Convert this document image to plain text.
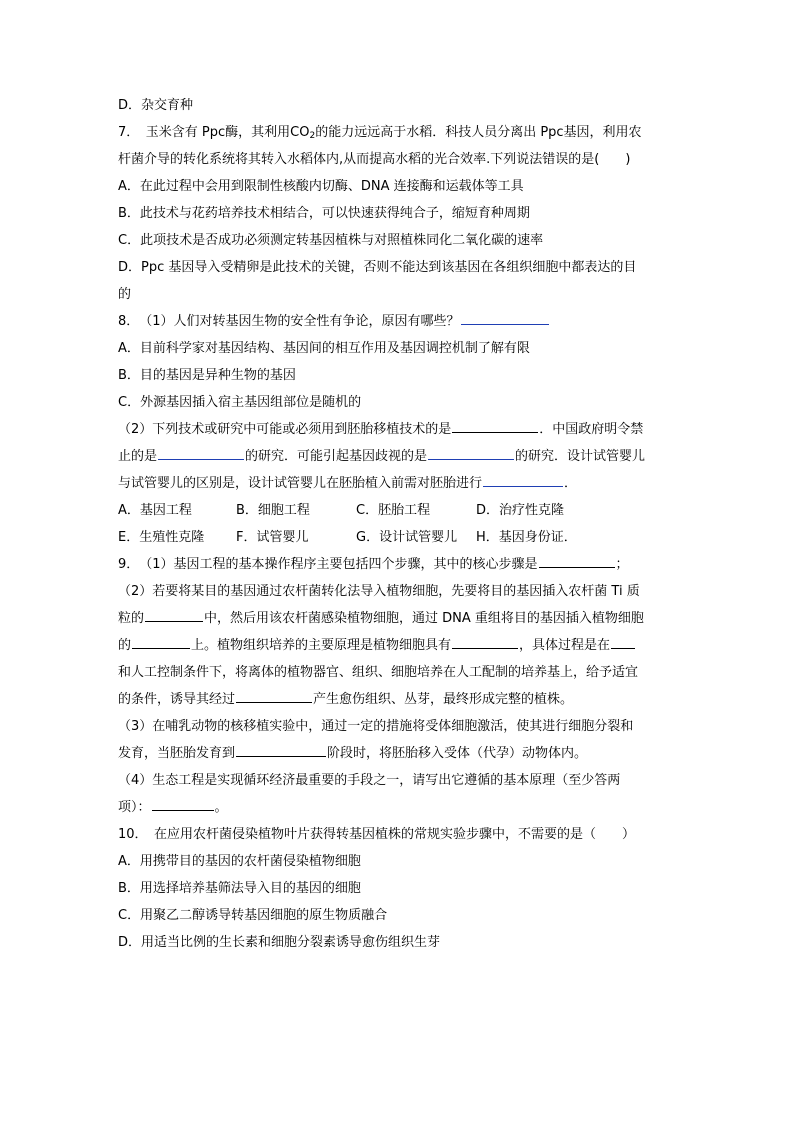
D．杂交育种
7．　玉米含有 Ppc酶，其利用$CO_2$的能力远远高于水稻．科技人员分离出 Ppc基因，利用农
杆菌介导的转化系统将其转入水稻体内,从而提高水稻的光合效率.下列说法错误的是(　　)
A．在此过程中会用到限制性核酸内切酶、DNA 连接酶和运载体等工具
B．此技术与花药培养技术相结合，可以快速获得纯合子，缩短育种周期
C．此项技术是否成功必须测定转基因植株与对照植株同化二氧化碳的速率
D．Ppc 基因导入受精卵是此技术的关键，否则不能达到该基因在各组织细胞中都表达的目
的
8．　（1）人们对转基因生物的安全性有争论，原因有哪些？
A．目前科学家对基因结构、基因间的相互作用及基因调控机制了解有限
B．目的基因是异种生物的基因
C．外源基因插入宿主基因组部位是随机的
（2）下列技术或研究中可能或必须用到胚胎移植技术的是	．中国政府明令禁
止的是	的研究．可能引起基因歧视的是	的研究．设计试管婴儿
与试管婴儿的区别是，设计试管婴儿在胚胎植入前需对胚胎进行	．
A．基因工程	B．细胞工程	C．胚胎工程	D．治疗性克隆
E．生殖性克隆	F．试管婴儿	G．设计试管婴儿	H．基因身份证．
9．　（1）基因工程的基本操作程序主要包括四个步骤，其中的核心步骤是	；
（2）若要将某目的基因通过农杆菌转化法导入植物细胞，先要将目的基因插入农杆菌 Ti 质
粒的	中，然后用该农杆菌感染植物细胞，通过 DNA 重组将目的基因插入植物细胞
的	上。植物组织培养的主要原理是植物细胞具有	，具体过程是在
和人工控制条件下，将离体的植物器官、组织、细胞培养在人工配制的培养基上，给予适宜
的条件，诱导其经过	产生愈伤组织、丛芽，最终形成完整的植株。
（3）在哺乳动物的核移植实验中，通过一定的措施将受体细胞激活，使其进行细胞分裂和
发育，当胚胎发育到	阶段时，将胚胎移入受体（代孕）动物体内。
（4）生态工程是实现循环经济最重要的手段之一，请写出它遵循的基本原理（至少答两
项）：	。
10．　在应用农杆菌侵染植物叶片获得转基因植株的常规实验步骤中，不需要的是（　　）
A．用携带目的基因的农杆菌侵染植物细胞
B．用选择培养基筛法导入目的基因的细胞
C．用聚乙二醇诱导转基因细胞的原生物质融合
D．用适当比例的生长素和细胞分裂素诱导愈伤组织生芽
